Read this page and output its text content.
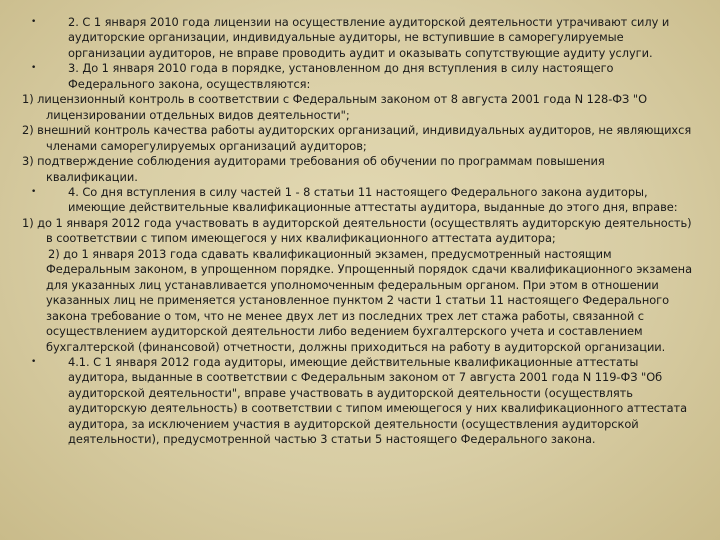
•	2. С 1 января 2010 года лицензии на осуществление аудиторской деятельности утрачивают силу и аудиторские организации, индивидуальные аудиторы, не вступившие в саморегулируемые организации аудиторов, не вправе проводить аудит и оказывать сопутствующие аудиту услуги.
•	3. До 1 января 2010 года в порядке, установленном до дня вступления в силу настоящего Федерального закона, осуществляются:
1) лицензионный контроль в соответствии с Федеральным законом от 8 августа 2001 года N 128-ФЗ "О лицензировании отдельных видов деятельности";
2) внешний контроль качества работы аудиторских организаций, индивидуальных аудиторов, не являющихся членами саморегулируемых организаций аудиторов;
3) подтверждение соблюдения аудиторами требования об обучении по программам повышения квалификации.
•	4. Со дня вступления в силу частей 1 - 8 статьи 11 настоящего Федерального закона аудиторы, имеющие действительные квалификационные аттестаты аудитора, выданные до этого дня, вправе:
1) до 1 января 2012 года участвовать в аудиторской деятельности (осуществлять аудиторскую деятельность) в соответствии с типом имеющегося у них квалификационного аттестата аудитора;
2) до 1 января 2013 года сдавать квалификационный экзамен, предусмотренный настоящим Федеральным законом, в упрощенном порядке. Упрощенный порядок сдачи квалификационного экзамена для указанных лиц устанавливается уполномоченным федеральным органом. При этом в отношении указанных лиц не применяется установленное пунктом 2 части 1 статьи 11 настоящего Федерального закона требование о том, что не менее двух лет из последних трех лет стажа работы, связанной с осуществлением аудиторской деятельности либо ведением бухгалтерского учета и составлением бухгалтерской (финансовой) отчетности, должны приходиться на работу в аудиторской организации.
•	4.1. С 1 января 2012 года аудиторы, имеющие действительные квалификационные аттестаты аудитора, выданные в соответствии с Федеральным законом от 7 августа 2001 года N 119-ФЗ "Об аудиторской деятельности", вправе участвовать в аудиторской деятельности (осуществлять аудиторскую деятельность) в соответствии с типом имеющегося у них квалификационного аттестата аудитора, за исключением участия в аудиторской деятельности (осуществления аудиторской деятельности), предусмотренной частью 3 статьи 5 настоящего Федерального закона.
